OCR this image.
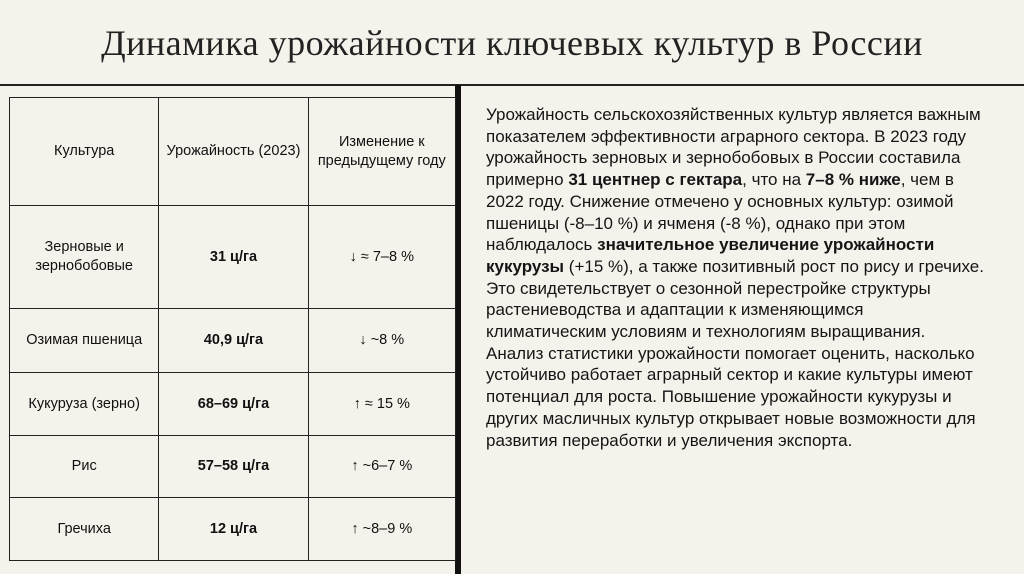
Динамика урожайности ключевых культур в России
Культура	Урожайность (2023)	Изменение к предыдущему году
Зерновые и зернобобовые	31 ц/га	↓ ≈ 7–8 %
Озимая пшеница	40,9 ц/га	↓ ~8 %
Кукуруза (зерно)	68–69 ц/га	↑ ≈ 15 %
Рис	57–58 ц/га	↑ ~6–7 %
Гречиха	12 ц/га	↑ ~8–9 %
Урожайность сельскохозяйственных культур является важным показателем эффективности аграрного сектора. В 2023 году урожайность зерновых и зернобобовых в России составила примерно 31 центнер с гектара, что на 7–8 % ниже, чем в 2022 году. Снижение отмечено у основных культур: озимой пшеницы (-8–10 %) и ячменя (-8 %), однако при этом наблюдалось значительное увеличение урожайности кукурузы (+15 %), а также позитивный рост по рису и гречихе. Это свидетельствует о сезонной перестройке структуры растениеводства и адаптации к изменяющимся климатическим условиям и технологиям выращивания.
Анализ статистики урожайности помогает оценить, насколько устойчиво работает аграрный сектор и какие культуры имеют потенциал для роста. Повышение урожайности кукурузы и других масличных культур открывает новые возможности для развития переработки и увеличения экспорта.
